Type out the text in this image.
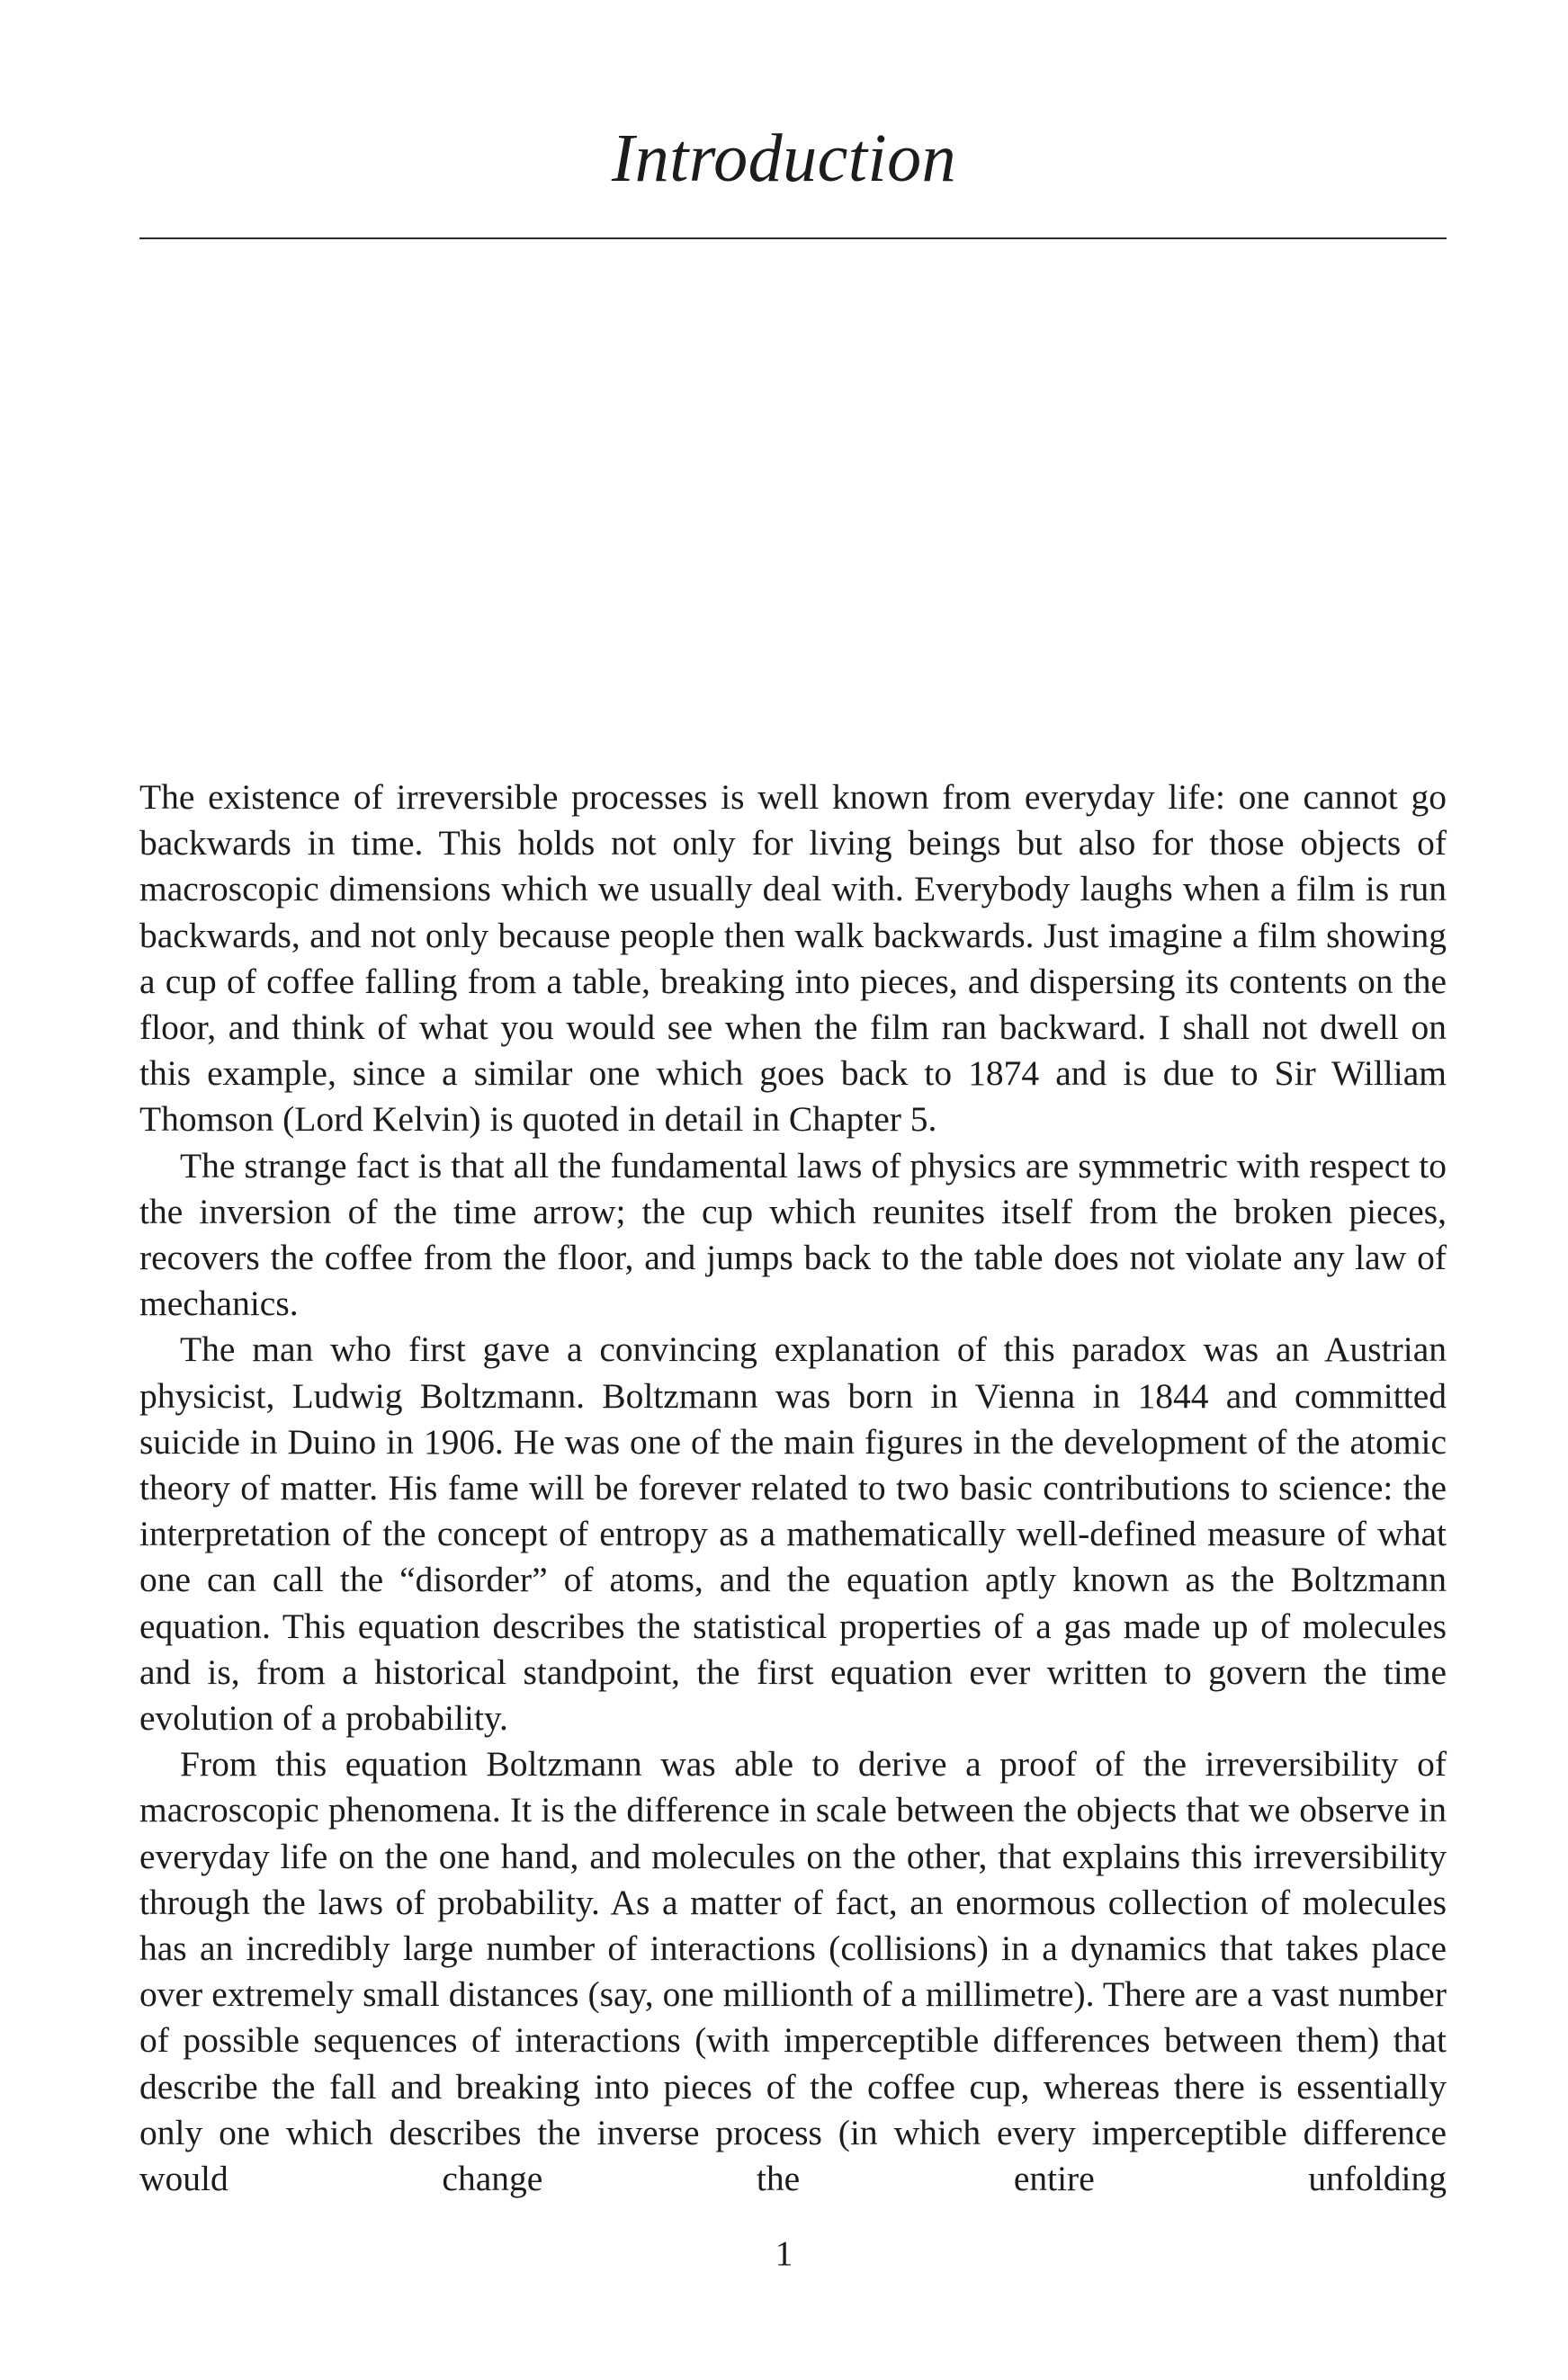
Introduction

The existence of irreversible processes is well known from everyday life: one cannot go backwards in time. This holds not only for living beings but also for those objects of macroscopic dimensions which we usually deal with. Everybody laughs when a film is run backwards, and not only because people then walk backwards. Just imagine a film showing a cup of coffee falling from a table, breaking into pieces, and dispersing its contents on the floor, and think of what you would see when the film ran backward. I shall not dwell on this example, since a similar one which goes back to 1874 and is due to Sir William Thomson (Lord Kelvin) is quoted in detail in Chapter 5.

The strange fact is that all the fundamental laws of physics are symmetric with respect to the inversion of the time arrow; the cup which reunites itself from the broken pieces, recovers the coffee from the floor, and jumps back to the table does not violate any law of mechanics.

The man who first gave a convincing explanation of this paradox was an Austrian physicist, Ludwig Boltzmann. Boltzmann was born in Vienna in 1844 and committed suicide in Duino in 1906. He was one of the main figures in the development of the atomic theory of matter. His fame will be forever related to two basic contributions to science: the interpretation of the concept of entropy as a mathematically well-defined measure of what one can call the “disorder” of atoms, and the equation aptly known as the Boltzmann equation. This equation describes the statistical properties of a gas made up of molecules and is, from a historical standpoint, the first equation ever written to govern the time evolution of a probability.

From this equation Boltzmann was able to derive a proof of the irreversibility of macroscopic phenomena. It is the difference in scale between the objects that we observe in everyday life on the one hand, and molecules on the other, that explains this irreversibility through the laws of probability. As a matter of fact, an enormous collection of molecules has an incredibly large number of interactions (collisions) in a dynamics that takes place over extremely small distances (say, one millionth of a millimetre). There are a vast number of possible sequences of interactions (with imperceptible differences between them) that describe the fall and breaking into pieces of the coffee cup, whereas there is essentially only one which describes the inverse process (in which every imperceptible difference would change the entire unfolding

1
